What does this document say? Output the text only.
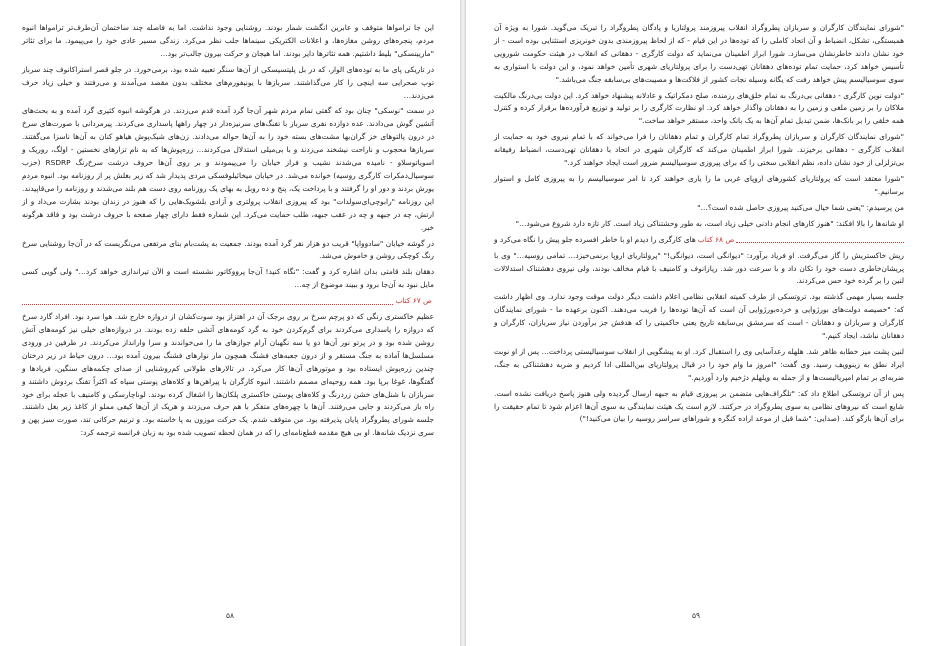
این جا تراموا‌ها متوقف و عابرین انگشت شمار بودند. روشنایی وجود نداشت. اما به فاصله چند ساختمان آن‌طرف‌تر تراموا‌ها انبوه مردم، پنجره‌های روشن مغازه‌ها، و اعلانات الکتریکی سینماها جلب نظر می‌کرد. زندگی مسیر عادی خود را می‌پیمود. ما برای تئاتر "ماریینسکی" بلیط داشتیم. همه تئاترها دایر بودند. اما هیجان و حرکت بیرون جالب‌تر بود…

در تاریکی پای ما به توده‌های الوار، که در بل پلیتسیسکی از آن‌ها سنگر تعبیه شده بود، برمی‌خورد. در جلو قصر استراکانوف چند سرباز توپ صحرایی سه اینچی را کار می‌گذاشتند. سربازها با یونیفورم‌های مختلف بدون مقصد می‌آمدند و می‌رفتند و خیلی زیاد حرف می‌زدند…

در سمت "نوسکی" چنان بود که گفتی تمام مردم شهر آن‌جا گرد آمده قدم می‌زدند. در هرگوشه انبوه کثیری گرد آمده و به بحث‌های آتشین گوش می‌دادند. عده دوازده نفری سرباز با تفنگ‌های سرنیزه‌دار در چهار راهها پاسداری می‌کردند. پیرمردانی با صورت‌های سرخ در درون پالتوهای خز گران‌بها مشت‌های بسته خود را به آن‌ها حواله می‌دادند. زن‌های شیک‌پوش هیاهو کنان به آن‌ها ناسزا می‌گفتند. سربازها محجوب و ناراحت نیشخند می‌زدند و با بی‌میلی استدلال می‌کردند… زره‌پوش‌ها که به نام تزارهای نخستین - اولگ، روریک و اسویاتوسلاو - نامیده می‌شدند نشیب و فراز خیابان را می‌پیمودند و بر روی آن‌ها حروف درشت سرخ‌رنگ RSDRP (حزب سوسیال‌دمکرات کارگری روسیه) خوانده می‌شد. در خیابان میخائیلوفسکی مردی پدیدار شد که زیر بغلش پر از روزنامه بود. انبوه مردم یورش بردند و دور او را گرفتند و با پرداخت یک، پنج و ده روبل به بهای یک روزنامه روی دست هم بلند می‌شدند و روزنامه را می‌قاپیدند. این روزنامه "رابوچی‌ای‌سولدات" بود که پیروزی انقلاب پرولتری و آزادی بلشویک‌هایی را که هنوز در زندان بودند بشارت می‌داد و از ارتش، چه در جبهه و چه در عقب جبهه، طلب حمایت می‌کرد. این شماره فقط دارای چهار صفحه با حروف درشت بود و فاقد هرگونه خبر.

در گوشه خیابان "سادوواپا" قریب دو هزار نفر گرد آمده بودند. جمعیت به پشت‌بام بنای مرتفعی می‌نگریست که در آن‌جا روشنایی سرخ رنگ کوچکی روشن و خاموش می‌شد.

دهقان بلند قامتی بدان اشاره کرد و گفت: "نگاه کنید! آن‌جا پرووکاتور نشسته است و الآن تیراندازی خواهد کرد…" ولی گویی کسی مایل نبود به آن‌جا برود و ببیند موضوع از چه…

ص ۶۷ کتاب

عظیم خاکستری رنگی که دو پرچم سرخ بر روی برجک آن در اهتزاز بود سوت‌کشان از دروازه خارج شد. هوا سرد بود. افراد گارد سرخ که دروازه را پاسداری می‌کردند برای گرم‌کردن خود به گرد کومه‌های آتشی حلقه زده بودند. در دروازه‌های خیلی نیز کومه‌های آتش روشن شده بود و در پرتو نور آن‌ها دو یا سه نگهبان آرام جوازهای ما را می‌خواندند و سرا وارانداز می‌کردند. در طرفین در ورودی مسلسل‌ها آماده به جنگ مستقر و از درون جعبه‌های فشنگ همچون مار نوارهای فشنگ بیرون آمده بود… درون حیاط در زیر درختان چندین زره‌پوش ایستاده بود و موتورهای آن‌ها کار می‌کرد. در تالارهای طولانی کم‌روشنایی از صدای چکمه‌های سنگین، فریادها و گفتگوها، غوغا برپا بود. همه روحیه‌ای مصمم داشتند. انبوه کارگران با پیراهن‌ها و کلاه‌های پوستی سیاه که اکثراً تفنگ بردوش داشتند و سربازان با شنل‌های خشن زردرنگ و کلاه‌های پوستی خاکستری پلکان‌ها را اشغال کرده بودند. لوناچارسکی و کامنیف با عجله برای خود راه باز می‌کردند و جایی می‌رفتند. آن‌ها با چهره‌های متفکر با هم حرف می‌زدند و هریک از آن‌ها کیفی مملو از کاغذ زیر بغل داشتند. جلسه شورای پطروگراد پایان پذیرفته بود. من متوقف شدم. یک حرکت موزون به پا خاسته بود. و ترنیم حرکاتی تند، صورت سبز پهن و سری نزدیک شانه‌ها. او بی هیچ مقدمه قطع‌نامه‌ای را که در همان لحظه تصویب شده بود به زبان فرانسه ترجمه کرد:

۵۸

"شورای نمایندگان کارگران و سربازان پطروگراد انقلاب پیروزمند پرولتاریا و پادگان پطروگراد را تبریک می‌گوید. شورا به ویژه آن همبستگی، تشکل، انضباط و آن اتحاد کاملی را که توده‌ها در این قیام - که از لحاظ پیروزمندی بدون خونریزی استثنایی بوده است - از خود نشان دادند خاطرنشان می‌سازد. شورا ابراز اطمینان می‌نماید که دولت کارگری - دهقانی که انقلاب در هیئت حکومت شورویی تأسیس خواهد کرد، حمایت تمام توده‌های دهقانان تهی‌دست را برای پرولتاریای شهری تأمین خواهد نمود، و این دولت با استواری به سوی سوسیالیسم پیش خواهد رفت که یگانه وسیله نجات کشور از فلاکت‌ها و مصیبت‌های بی‌سابقه جنگ می‌باشد."

"دولت نوین کارگری - دهقانی بی‌درنگ به تمام خلق‌های رزمنده، صلح دمکراتیک و عادلانه پیشنهاد خواهد کرد. این دولت بی‌درنگ مالکیت ملاکان را بر زمین ملغی و زمین را به دهقانان واگذار خواهد کرد. او نظارت کارگری را بر تولید و توزیع فرآورده‌ها برقرار کرده و کنترل همه خلقی را بر بانک‌ها، ضمن تبدیل تمام آن‌ها به یک بانک واحد، مستقر خواهد ساخت."

"شورای نمایندگان کارگران و سربازان پطروگراد تمام کارگران و تمام دهقانان را فرا می‌خواند که با تمام نیروی خود به حمایت از انقلاب کارگری - دهقانی برخیزند. شورا ابراز اطمینان می‌کند که کارگران شهری در اتحاد با دهقانان تهی‌دست، انضباط رفیقانه بی‌تزلزلی از خود نشان داده، نظم انقلابی سختی را که برای پیروزی سوسیالیسم ضرور است ایجاد خواهند کرد."

"شورا معتقد است که پرولتاریای کشورهای اروپای غربی ما را یاری خواهند کرد تا امر سوسیالیسم را به پیروزی کامل و استوار برسانیم."

من پرسیدم: "یعنی شما خیال می‌کنید پیروزی حاصل شده است؟…"

او شانه‌ها را بالا افکند: "هنوز کارهای انجام دادنی خیلی زیاد است، به طور وحشتناکی زیاد است. کار تازه دارد شروع می‌شود…"

ص ۶۸ کتاب
های کارگری را دیدم او با خاطر افسرده جلو پیش را نگاه می‌کرد و

ریش خاکستریش را گاز می‌گرفت. او فریاد برآورد: "دیوانگی است، دیوانگی!" "پرولتاریای اروپا برنمی‌خیزد… تمامی روسیه…" وی با پریشان‌خاطری دست خود را تکان داد و با سرعت دور شد. ریازانوف و کامنیف با قیام مخالف بودند، ولی نیروی دهشتناک استدلالات لنین را بر گرده خود حس می‌کردند.

جلسه بسیار مهمی گذشته بود. تروتسکی از طرف کمیته انقلابی نظامی اعلام داشت دیگر دولت موقت وجود ندارد. وی اظهار داشت که: "خصیصه دولت‌های بورژوایی و خرده‌بورژوایی آن است که آن‌ها توده‌ها را فریب می‌دهند. اکنون برعهده ما - شورای نمایندگان کارگران و سربازان و دهقانان - است که سرمشق بی‌سابقه تاریخ یعنی حاکمیتی را که هدفش جز برآوردن نیاز سربازان، کارگران و دهقانان نباشد، ایجاد کنیم."

لنین پشت میز خطابه ظاهر شد. هلهله رعدآسایی وی را استقبال کرد. او به پیشگویی از انقلاب سوسیالیستی پرداخت… پس از او نوبت ایراد نطق به زینوویف رسید. وی گفت: "امروز ما وام خود را در قبال پرولتاریای بین‌المللی ادا کردیم و ضربه دهشتناکی به جنگ، ضربه‌ای بر تمام امپریالیست‌ها و از جمله به ویلهلم دژخیم وارد آوردیم."

پس از آن تروتسکی اطلاع داد که: "تلگراف‌هایی متضمن بر پیروزی قیام به جبهه ارسال گردیده ولی هنوز پاسخ دریافت نشده است. شایع است که نیروهای نظامی به سوی پطروگراد در حرکتند. لازم است یک هیئت نمایندگی به سوی آن‌ها اعزام شود تا تمام حقیقت را برای آن‌ها بازگو کند. (صدایی: "شما قبل از موعد اراده کنگره و شوراهای سراسر روسیه را بیان می‌کنید!")

۵۹
